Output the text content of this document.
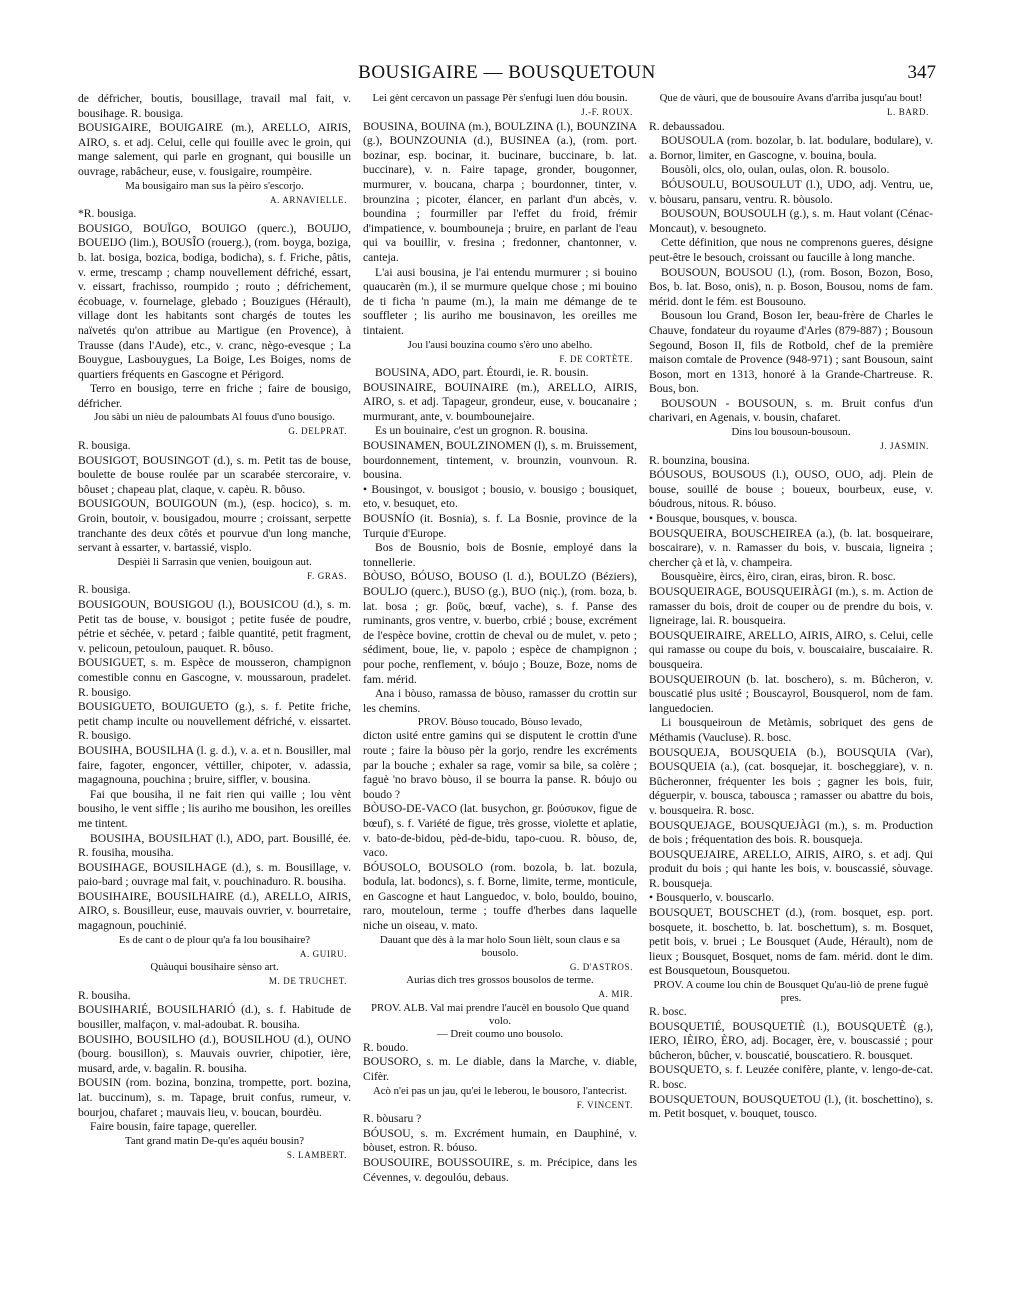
BOUSIGAIRE — BOUSQUETOUN	347

de défricher, boutis, bousillage, travail mal fait, v. bousihage. R. bousiga.

BOUSIGAIRE, BOUIGAIRE (m.), ARELLO, AIRIS, AIRO, s. et adj. Celui, celle qui fouille avec le groin, qui mange salement, qui parle en grognant, qui bousille un ouvrage, rabâcheur, euse, v. fousigaire, roumpèire.

Ma bousigairo man sus la pèiro s'escorjo.

A. ARNAVIELLE.

*R. bousiga.

BOUSIGO, BOUÏGO, BOUIGO (querc.), BOUIJO, BOUEIJO (lim.), BOUSÎO (rouerg.), (rom. boyga, boziga, b. lat. bosiga, bozica, bodiga, bodicha), s. f. Friche, pâtis, v. erme, trescamp ; champ nouvellement défriché, essart, v. eissart, frachisso, roumpido ; routo ; défrichement, écobuage, v. fournelage, glebado ; Bouzigues (Hérault), village dont les habitants sont chargés de toutes les naïvetés qu'on attribue au Martigue (en Provence), à Trausse (dans l'Aude), etc., v. cranc, nègo-evesque ; La Bouygue, Lasbouygues, La Boige, Les Boiges, noms de quartiers fréquents en Gascogne et Périgord.

Terro en bousigo, terre en friche ; faire de bousigo, défricher.

Jou sàbi un nièu de paloumbats Al fouus d'uno bousigo.

G. DELPRAT.

R. bousiga.

BOUSIGOT, BOUSINGOT (d.), s. m. Petit tas de bouse, boulette de bouse roulée par un scarabée stercoraire, v. bôuset ; chapeau plat, claque, v. capèu. R. bôuso.

BOUSIGOUN, BOUIGOUN (m.), (esp. hocico), s. m. Groin, boutoir, v. bousigadou, mourre ; croissant, serpette tranchante des deux côtés et pourvue d'un long manche, servant à essarter, v. bartassié, visplo.

Despièi li Sarrasin que venien, bouigoun aut.

F. GRAS.

R. bousiga.

BOUSIGOUN, BOUSIGOU (l.), BOUSICOU (d.), s. m. Petit tas de bouse, v. bousigot ; petite fusée de poudre, pétrie et séchée, v. petard ; faible quantité, petit fragment, v. pelicoun, petouloun, pauquet. R. bôuso.

BOUSIGUET, s. m. Espèce de mousseron, champignon comestible connu en Gascogne, v. moussaroun, pradelet. R. bousigo.

BOUSIGUETO, BOUIGUETO (g.), s. f. Petite friche, petit champ inculte ou nouvellement défriché, v. eissartet. R. bousigo.

BOUSIHA, BOUSILHA (l. g. d.), v. a. et n. Bousiller, mal faire, fagoter, engoncer, véttiller, chipoter, v. adassia, magagnouna, pouchina ; bruire, siffler, v. bousina.

Fai que bousiha, il ne fait rien qui vaille ; lou vènt bousiho, le vent siffle ; lis auriho me bousihon, les oreilles me tintent.

BOUSIHA, BOUSILHAT (l.), ADO, part. Bousillé, ée. R. fousiha, mousiha.

BOUSIHAGE, BOUSILHAGE (d.), s. m. Bousillage, v. paio-bard ; ouvrage mal fait, v. pouchinaduro. R. bousiha.

BOUSIHAIRE, BOUSILHAIRE (d.), ARELLO, AIRIS, AIRO, s. Bousilleur, euse, mauvais ouvrier, v. bourretaire, magagnoun, pouchinié.

Es de cant o de plour qu'a fa lou bousihaire?

A. GUIRU.

Quàuqui bousihaire sènso art.

M. DE TRUCHET.

R. bousiha.

BOUSIHARIÉ, BOUSILHARIÓ (d.), s. f. Habitude de bousiller, malfaçon, v. mal-adoubat. R. bousiha.

BOUSIHO, BOUSILHO (d.), BOUSILHOU (d.), OUNO (bourg. bousillon), s. Mauvais ouvrier, chipotier, ière, musard, arde, v. bagalin. R. bousiha.

BOUSIN (rom. bozina, bonzina, trompette, port. bozina, lat. buccinum), s. m. Tapage, bruit confus, rumeur, v. bourjou, chafaret ; mauvais lieu, v. boucan, bourdèu.

Faire bousin, faire tapage, quereller.

Tant grand matin De-qu'es aquéu bousin?

S. LAMBERT.

Lei gènt cercavon un passage Pèr s'enfugi luen dóu bousin.

J.-F. ROUX.

BOUSINA, BOUINA (m.), BOULZINA (l.), BOUNZINA (g.), BOUNZOUNIA (d.), BUSINEA (a.), (rom. port. bozinar, esp. bocinar, it. bucinare, buccinare, b. lat. buccinare), v. n. Faire tapage, gronder, bougonner, murmurer, v. boucana, charpa ; bourdonner, tinter, v. brounzina ; picoter, élancer, en parlant d'un abcès, v. boundina ; fourmiller par l'effet du froid, frémir d'impatience, v. boumbouneja ; bruire, en parlant de l'eau qui va bouillir, v. fresina ; fredonner, chantonner, v. canteja.

L'ai ausi bousina, je l'ai entendu murmurer ; si bouino quaucarèn (m.), il se murmure quelque chose ; mi bouino de ti ficha 'n paume (m.), la main me démange de te souffleter ; lis auriho me bousinavon, les oreilles me tintaient.

Jou l'ausi bouzina coumo s'èro uno abelho.

F. DE CORTÈTE.

BOUSINA, ADO, part. Étourdi, ie. R. bousin.

BOUSINAIRE, BOUINAIRE (m.), ARELLO, AIRIS, AIRO, s. et adj. Tapageur, grondeur, euse, v. boucanaire ; murmurant, ante, v. boumbounejaire.

Es un bouinaire, c'est un grognon. R. bousina.

BOUSINAMEN, BOULZINOMEN (l), s. m. Bruissement, bourdonnement, tintement, v. brounzin, vounvoun. R. bousina.

• Bousingot, v. bousigot ; bousio, v. bousigo ; bousiquet, eto, v. besuquet, eto.

BOUSNÍO (it. Bosnia), s. f. La Bosnie, province de la Turquie d'Europe.

Bos de Bousnio, bois de Bosnie, employé dans la tonnellerie.

BÒUSO, BÓUSO, BOUSO (l. d.), BOULZO (Béziers), BOULJO (querc.), BUSO (g.), BUO (niç.), (rom. boza, b. lat. bosa ; gr. βοῦς, bœuf, vache), s. f. Panse des ruminants, gros ventre, v. buerbo, crbié ; bouse, excrément de l'espèce bovine, crottin de cheval ou de mulet, v. peto ; sédiment, boue, lie, v. papolo ; espèce de champignon ; pour poche, renflement, v. bóujo ; Bouze, Boze, noms de fam. mérid.

Ana i bòuso, ramassa de bòuso, ramasser du crottin sur les chemins.

PROV. Bòuso toucado, Bòuso levado,

dicton usité entre gamins qui se disputent le crottin d'une route ; faire la bòuso pèr la gorjo, rendre les excréments par la bouche ; exhaler sa rage, vomir sa bile, sa colère ; faguè 'no bravo bòuso, il se bourra la panse. R. bóujo ou boudo ?

BÒUSO-DE-VACO (lat. busychon, gr. βούσυκον, figue de bœuf), s. f. Variété de figue, très grosse, violette et aplatie, v. bato-de-bidou, pèd-de-bidu, tapo-cuou. R. bòuso, de, vaco.

BÓUSOLO, BOUSOLO (rom. bozola, b. lat. bozula, bodula, lat. bodoncs), s. f. Borne, limite, terme, monticule, en Gascogne et haut Languedoc, v. bolo, bouldo, bouino, raro, mouteloun, terme ; touffe d'herbes dans laquelle niche un oiseau, v. mato.

Dauant que dès à la mar holo Soun lièlt, soun claus e sa bousolo.

G. D'ASTROS.

Aurias dich tres grossos bousolos de terme.

A. MIR.

PROV. ALB. Val mai prendre l'aucèl en bousolo Que quand volo.

— Dreit coumo uno bousolo.

R. boudo.

BOUSORO, s. m. Le diable, dans la Marche, v. diable, Cifèr.

Acò n'ei pas un jau, qu'ei le leberou, le bousoro, l'antecrist.

F. VINCENT.

R. bòusaru ?

BÓUSOU, s. m. Excrément humain, en Dauphiné, v. bòuset, estron. R. bóuso.

BOUSOUIRE, BOUSSOUIRE, s. m. Précipice, dans les Cévennes, v. degoulóu, debaus.

Que de vàuri, que de bousouire Avans d'arriba jusqu'au bout!

L. BARD.

R. debaussadou.

BOUSOULA (rom. bozolar, b. lat. bodulare, bodulare), v. a. Bornor, limiter, en Gascogne, v. bouina, boula.

Bousòli, olcs, olo, oulan, oulas, olon. R. bousolo.

BÓUSOULU, BOUSOULUT (l.), UDO, adj. Ventru, ue, v. bòusaru, pansaru, ventru. R. bòusolo.

BOUSOUN, BOUSOULH (g.), s. m. Haut volant (Cénac-Moncaut), v. besougneto.

Cette définition, que nous ne comprenons gueres, désigne peut-être le besouch, croissant ou faucille à long manche.

BOUSOUN, BOUSOU (l.), (rom. Boson, Bozon, Boso, Bos, b. lat. Boso, onis), n. p. Boson, Bousou, noms de fam. mérid. dont le fém. est Bousouno.

Bousoun lou Grand, Boson Ier, beau-frère de Charles le Chauve, fondateur du royaume d'Arles (879-887) ; Bousoun Segound, Boson II, fils de Rotbold, chef de la première maison comtale de Provence (948-971) ; sant Bousoun, saint Boson, mort en 1313, honoré à la Grande-Chartreuse. R. Bous, bon.

BOUSOUN - BOUSOUN, s. m. Bruit confus d'un charivari, en Agenais, v. bousin, chafaret.

Dins lou bousoun-bousoun.

J. JASMIN.

R. bounzina, bousina.

BÓUSOUS, BOUSOUS (l.), OUSO, OUO, adj. Plein de bouse, souillé de bouse ; boueux, bourbeux, euse, v. bóudrous, nitous. R. bóuso.

• Bousque, bousques, v. bousca.

BOUSQUEIRA, BOUSCHEIREA (a.), (b. lat. bosqueirare, boscairare), v. n. Ramasser du bois, v. buscaia, ligneira ; chercher çà et là, v. champeira.

Bousquèire, èircs, èiro, ciran, eiras, biron. R. bosc.

BOUSQUEIRAGE, BOUSQUEIRÀGI (m.), s. m. Action de ramasser du bois, droit de couper ou de prendre du bois, v. ligneirage, lai. R. bousqueira.

BOUSQUEIRAIRE, ARELLO, AIRIS, AIRO, s. Celui, celle qui ramasse ou coupe du bois, v. bouscaiaire, buscaiaire. R. bousqueira.

BOUSQUEIROUN (b. lat. boschero), s. m. Bûcheron, v. bouscatié plus usité ; Bouscayrol, Bousquerol, nom de fam. languedocien.

Li bousqueiroun de Metàmis, sobriquet des gens de Méthamis (Vaucluse). R. bosc.

BOUSQUEJA, BOUSQUEIA (b.), BOUSQUIA (Var), BOUSQUEIA (a.), (cat. bosquejar, it. boscheggiare), v. n. Bûcheronner, fréquenter les bois ; gagner les bois, fuir, déguerpir, v. bousca, tabousca ; ramasser ou abattre du bois, v. bousqueira. R. bosc.

BOUSQUEJAGE, BOUSQUEJÀGI (m.), s. m. Production de bois ; fréquentation des bois. R. bousqueja.

BOUSQUEJAIRE, ARELLO, AIRIS, AIRO, s. et adj. Qui produit du bois ; qui hante les bois, v. bouscassié, sòuvage. R. bousqueja.

• Bousquerlo, v. bouscarlo.

BOUSQUET, BOUSCHET (d.), (rom. bosquet, esp. port. bosquete, it. boschetto, b. lat. boschettum), s. m. Bosquet, petit bois, v. bruei ; Le Bousquet (Aude, Hérault), nom de lieux ; Bousquet, Bosquet, noms de fam. mérid. dont le dim. est Bousquetoun, Bousquetou.

PROV. A coume lou chin de Bousquet Qu'au-liò de prene fuguè pres.

R. bosc.

BOUSQUETIÉ, BOUSQUETIÈ (l.), BOUSQUETÈ (g.), IERO, IÈIRO, ÈRO, adj. Bocager, ère, v. bouscassié ; pour bûcheron, bûcher, v. bouscatié, bouscatiero. R. bousquet.

BOUSQUETO, s. f. Leuzée conifère, plante, v. lengo-de-cat. R. bosc.

BOUSQUETOUN, BOUSQUETOU (l.), (it. boschettino), s. m. Petit bosquet, v. bouquet, tousco.
